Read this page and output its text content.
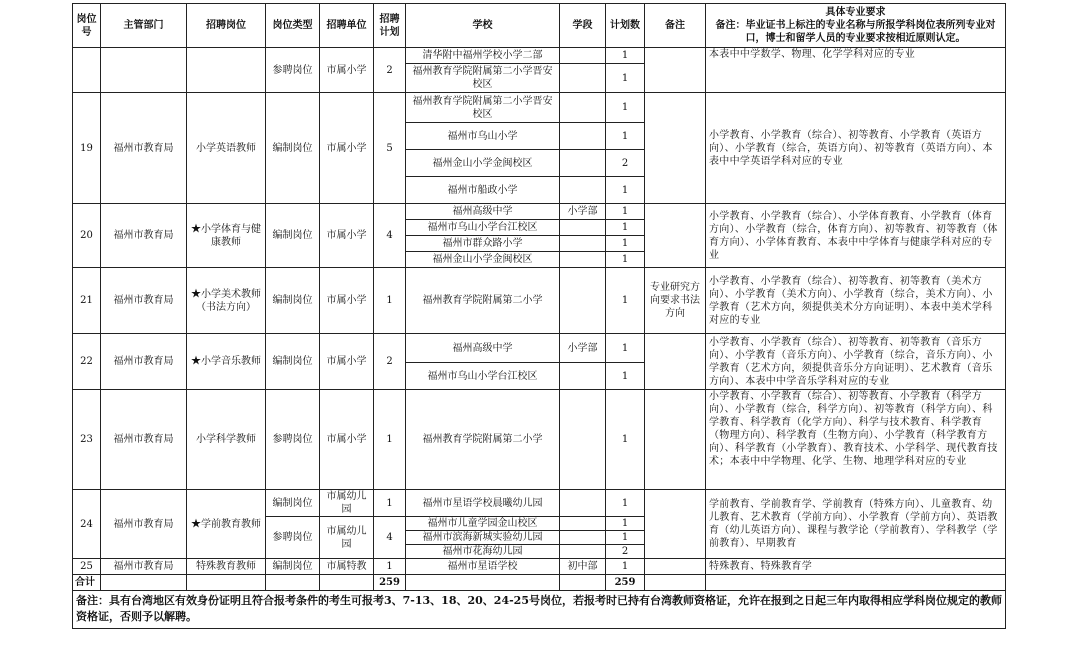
岗位号	主管部门	招聘岗位	岗位类型	招聘单位	招聘计划	学校	学段	计划数	备注	具体专业要求
备注：毕业证书上标注的专业名称与所报学科岗位表所列专业对口，博士和留学人员的专业要求按相近原则认定。

			参聘岗位	市属小学	2	清华附中福州学校小学二部		1		本表中中学数学、物理、化学学科对应的专业
						福州教育学院附属第二小学晋安校区		1		
19	福州市教育局	小学英语教师	编制岗位	市属小学	5	福州教育学院附属第二小学晋安校区		1		小学教育、小学教育（综合）、初等教育、小学教育（英语方向）、小学教育（综合，英语方向）、初等教育（英语方向）、本表中中学英语学科对应的专业
						福州市乌山小学		1		
						福州金山小学金闽校区		2		
						福州市船政小学		1		
20	福州市教育局	★小学体育与健康教师	编制岗位	市属小学	4	福州高级中学	小学部	1		小学教育、小学教育（综合）、小学体育教育、小学教育（体育方向）、小学教育（综合，体育方向）、初等教育、初等教育（体育方向）、小学体育教育、本表中中学体育与健康学科对应的专业
						福州市乌山小学台江校区		1		
						福州市群众路小学		1		
						福州金山小学金闽校区		1		
21	福州市教育局	★小学美术教师（书法方向）	编制岗位	市属小学	1	福州教育学院附属第二小学		1	专业研究方向要求书法方向	小学教育、小学教育（综合）、初等教育、初等教育（美术方向）、小学教育（美术方向）、小学教育（综合，美术方向）、小学教育（艺术方向，须提供美术分方向证明）、本表中美术学科对应的专业
22	福州市教育局	★小学音乐教师	编制岗位	市属小学	2	福州高级中学	小学部	1		小学教育、小学教育（综合）、初等教育、初等教育（音乐方向）、小学教育（音乐方向）、小学教育（综合，音乐方向）、小学教育（艺术方向，须提供音乐分方向证明）、艺术教育（音乐方向）、本表中中学音乐学科对应的专业
						福州市乌山小学台江校区		1		
23	福州市教育局	小学科学教师	参聘岗位	市属小学	1	福州教育学院附属第二小学		1		小学教育、小学教育（综合）、初等教育、小学教育（科学方向）、小学教育（综合，科学方向）、初等教育（科学方向）、科学教育、科学教育（化学方向）、科学与技术教育、科学教育（物理方向）、科学教育（生物方向）、小学教育（科学教育方向）、科学教育（小学教育）、教育技术、小学科学、现代教育技术；本表中中学物理、化学、生物、地理学科对应的专业
24	福州市教育局	★学前教育教师	编制岗位	市属幼儿园	1	福州市星语学校晨曦幼儿园		1		学前教育、学前教育学、学前教育（特殊方向）、儿童教育、幼儿教育、艺术教育（学前方向）、小学教育（学前方向）、英语教育（幼儿英语方向）、课程与教学论（学前教育）、学科教学（学前教育）、早期教育
			参聘岗位	市属幼儿园	4	福州市儿童学园金山校区		1		
						福州市滨海新城实验幼儿园		1		
						福州市花海幼儿园		2		
25	福州市教育局	特殊教育教师	编制岗位	市属特教	1	福州市星语学校	初中部	1		特殊教育、特殊教育学
合计					259			259		
备注：具有台湾地区有效身份证明且符合报考条件的考生可报考3、7-13、18、20、24-25号岗位，若报考时已持有台湾教师资格证，允许在报到之日起三年内取得相应学科岗位规定的教师资格证，否则予以解聘。										
